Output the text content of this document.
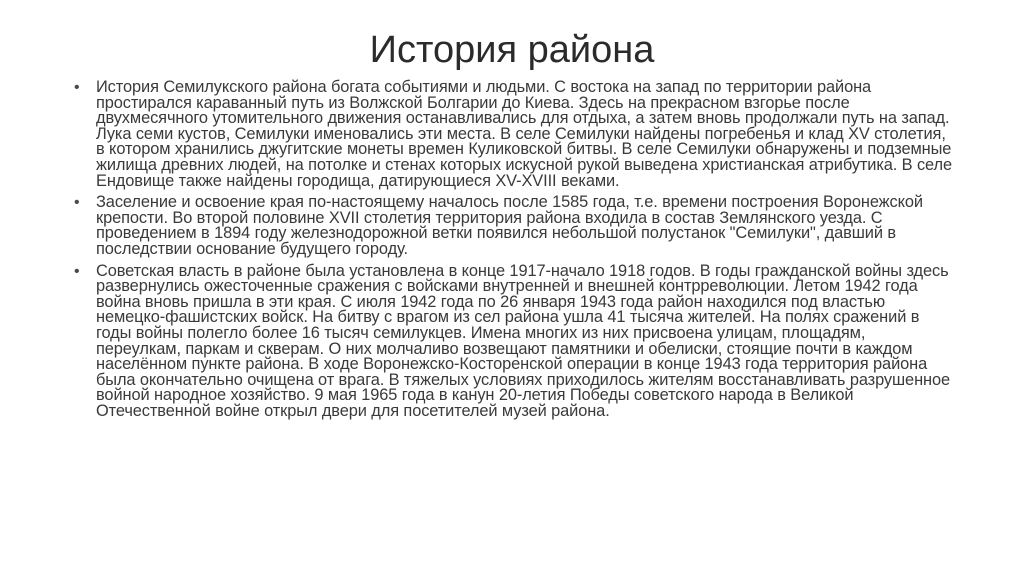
История района
•	История Семилукского района богата событиями и людьми. С востока на запад по территории района простирался караванный путь из Волжской Болгарии до Киева. Здесь на прекрасном взгорье после двухмесячного утомительного движения останавливались для отдыха, а затем вновь продолжали путь на запад. Лука семи кустов, Семилуки именовались эти места. В селе Семилуки найдены погребенья и клад XV столетия, в котором хранились джугитские монеты времен Куликовской битвы. В селе Семилуки обнаружены и подземные жилища древних людей, на потолке и стенах которых искусной рукой выведена христианская атрибутика. В селе Ендовище также найдены городища, датирующиеся XV-XVIII веками.
•	Заселение и освоение края по-настоящему началось после 1585 года, т.е. времени построения Воронежской крепости. Во второй половине XVII столетия территория района входила в состав Землянского уезда. С проведением в 1894 году железнодорожной ветки появился небольшой полустанок "Семилуки", давший в последствии основание будущего городу.
•	Советская власть в районе была установлена в конце 1917-начало 1918 годов. В годы гражданской войны здесь развернулись ожесточенные сражения с войсками внутренней и внешней контрреволюции. Летом 1942 года война вновь пришла в эти края. С июля 1942 года по 26 января 1943 года район находился под властью немецко-фашистских войск. На битву с врагом из сел района ушла 41 тысяча жителей. На полях сражений в годы войны полегло более 16 тысяч семилукцев. Имена многих из них присвоена улицам, площадям, переулкам, паркам и скверам. О них молчаливо возвещают памятники и обелиски, стоящие почти в каждом населённом пункте района. В ходе Воронежско-Косторенской операции в конце 1943 года территория района была окончательно очищена от врага. В тяжелых условиях приходилось жителям восстанавливать разрушенное войной народное хозяйство. 9 мая 1965 года в канун 20-летия Победы советского народа в Великой Отечественной войне открыл двери для посетителей музей района.
